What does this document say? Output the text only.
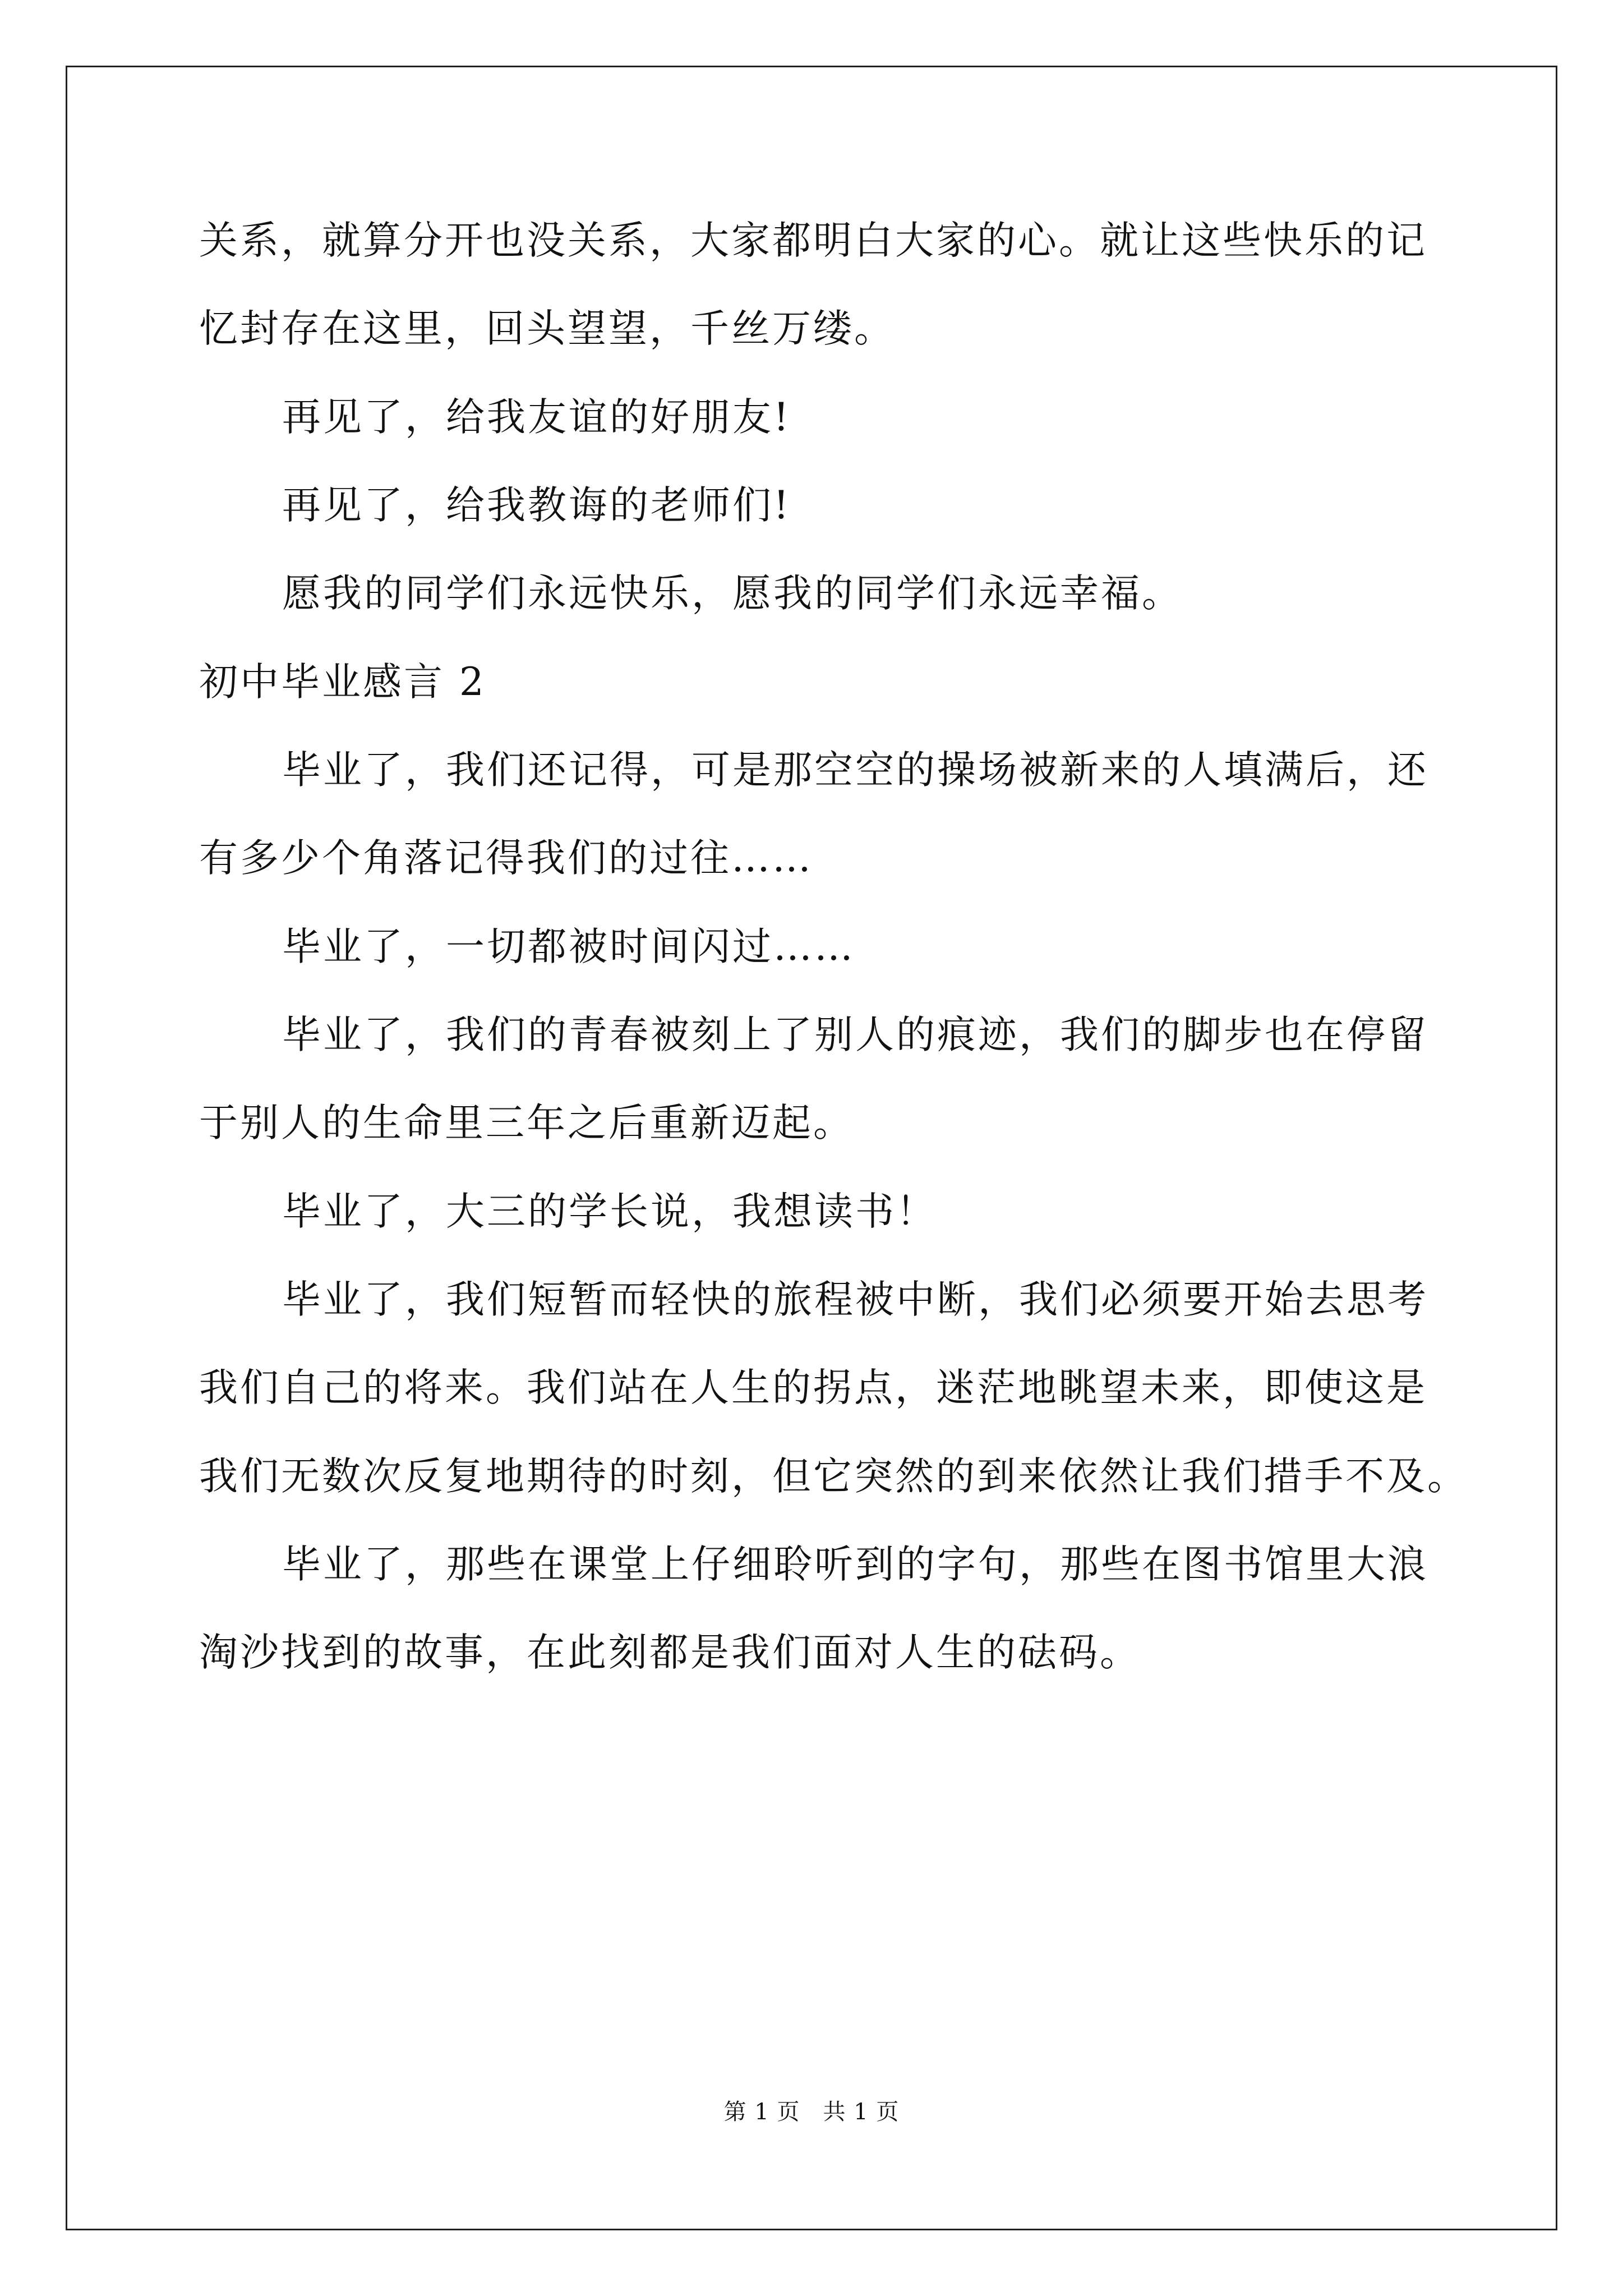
关系，就算分开也没关系，大家都明白大家的心。就让这些快乐的记
忆封存在这里，回头望望，千丝万缕。
再见了，给我友谊的好朋友!
再见了，给我教诲的老师们!
愿我的同学们永远快乐，愿我的同学们永远幸福。
初中毕业感言 2
毕业了，我们还记得，可是那空空的操场被新来的人填满后，还
有多少个角落记得我们的过往……
毕业了，一切都被时间闪过……
毕业了，我们的青春被刻上了别人的痕迹，我们的脚步也在停留
于别人的生命里三年之后重新迈起。
毕业了，大三的学长说，我想读书！
毕业了，我们短暂而轻快的旅程被中断，我们必须要开始去思考
我们自己的将来。我们站在人生的拐点，迷茫地眺望未来，即使这是
我们无数次反复地期待的时刻，但它突然的到来依然让我们措手不及。
毕业了，那些在课堂上仔细聆听到的字句，那些在图书馆里大浪
淘沙找到的故事，在此刻都是我们面对人生的砝码。
第 1 页　共 1 页
